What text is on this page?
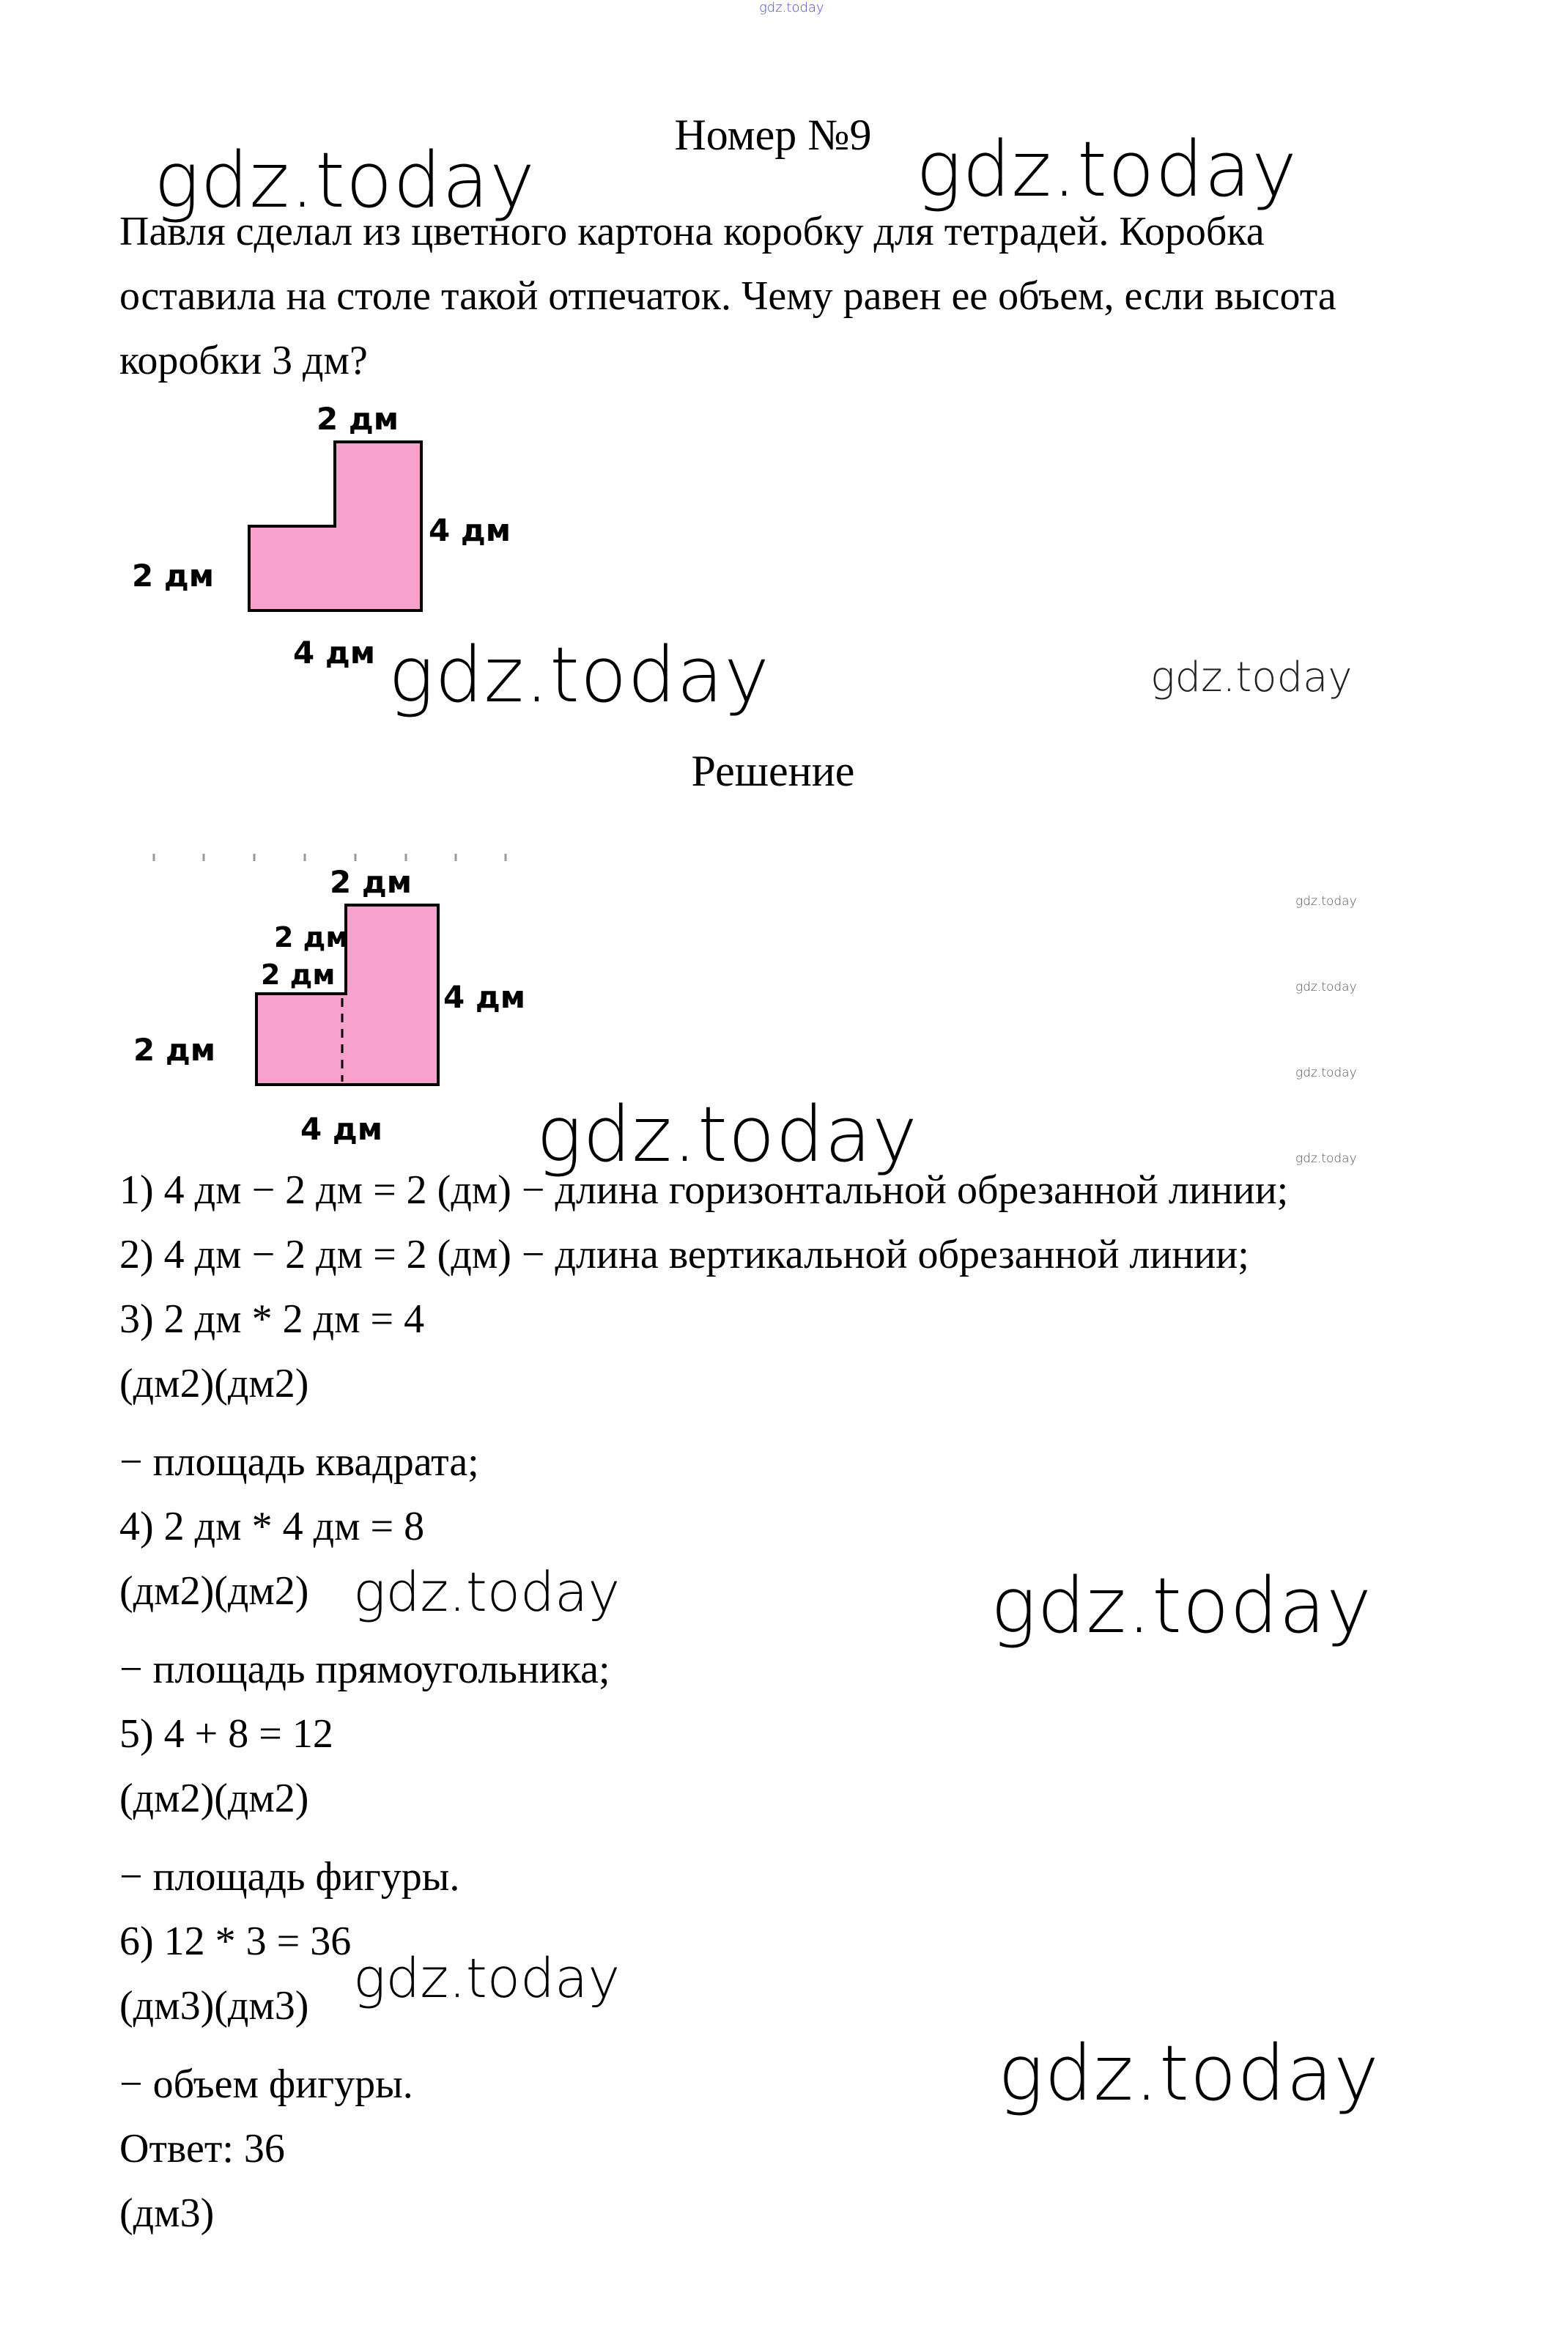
gdz.today
Номер №9
gdz.today	gdz.today
Павля сделал из цветного картона коробку для тетрадей. Коробка оставила на столе такой отпечаток. Чему равен ее объем, если высота коробки 3 дм?
2 дм
4 дм
2 дм
4 дм gdz.today	gdz.today
Решение
2 дм
2 дм
2 дм
4 дм
2 дм
4 дм
gdz.today
gdz.today
gdz.today
gdz.today
gdz.today
1) 4 дм − 2 дм = 2 (дм) − длина горизонтальной обрезанной линии;
2) 4 дм − 2 дм = 2 (дм) − длина вертикальной обрезанной линии;
3) 2 дм * 2 дм = 4
(дм2)(дм2)
− площадь квадрата;
4) 2 дм * 4 дм = 8
(дм2)(дм2)
− площадь прямоугольника;
5) 4 + 8 = 12
(дм2)(дм2)
− площадь фигуры.
6) 12 * 3 = 36
(дм3)(дм3)
− объем фигуры.
Ответ: 36
(дм3)
gdz.today	gdz.today
gdz.today
gdz.today
